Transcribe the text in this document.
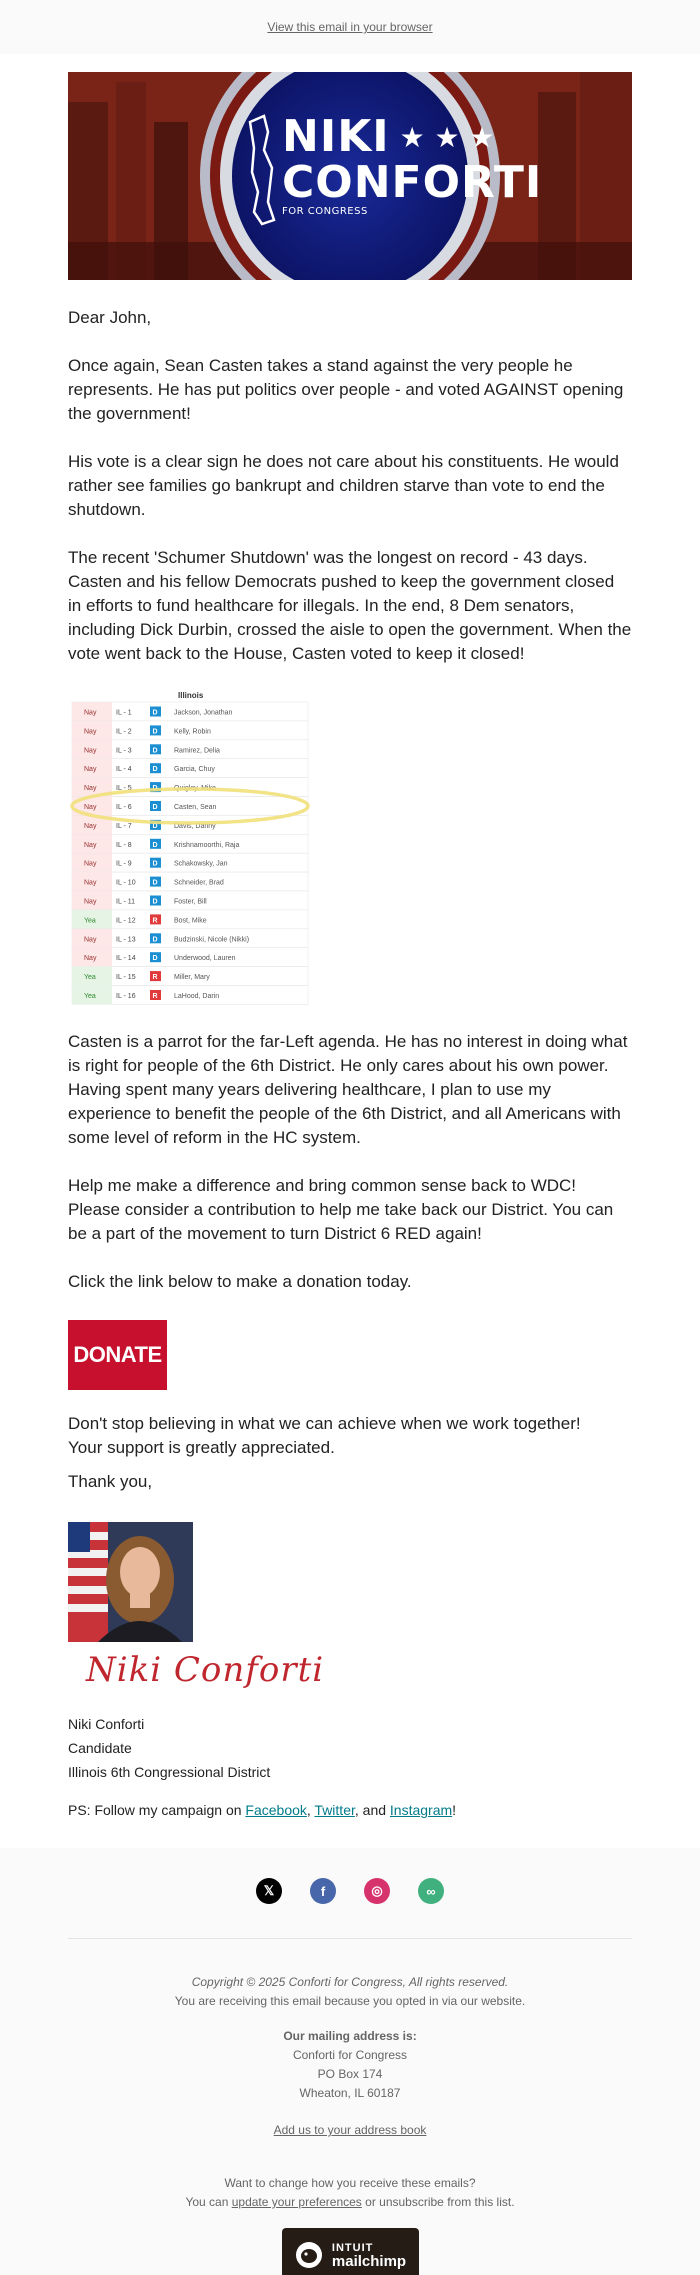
View this email in your browser
NIKI ★ ★ ★
CONFORTI
FOR CONGRESS

Dear John,

Once again, Sean Casten takes a stand against the very people he represents. He has put politics over people - and voted AGAINST opening the government!

His vote is a clear sign he does not care about his constituents. He would rather see families go bankrupt and children starve than vote to end the shutdown.

The recent 'Schumer Shutdown' was the longest on record - 43 days. Casten and his fellow Democrats pushed to keep the government closed in efforts to fund healthcare for illegals. In the end, 8 Dem senators, including Dick Durbin, crossed the aisle to open the government. When the vote went back to the House, Casten voted to keep it closed!

Illinois
Nay	IL - 1	D Jackson, Jonathan
Nay	IL - 2	D Kelly, Robin
Nay	IL - 3	D Ramirez, Delia
Nay	IL - 4	D Garcia, Chuy
Nay	IL - 5	D Quigley, Mike
Nay	IL - 6	D Casten, Sean
Nay	IL - 7	D Davis, Danny
Nay	IL - 8	D Krishnamoorthi, Raja
Nay	IL - 9	D Schakowsky, Jan
Nay	IL - 10 D Schneider, Brad
Nay	IL - 11 D Foster, Bill
Yea	IL - 12 R Bost, Mike
Nay	IL - 13 D Budzinski, Nicole (Nikki)
Nay	IL - 14 D Underwood, Lauren
Yea	IL - 15 R Miller, Mary
Yea	IL - 16 R LaHood, Darin

Casten is a parrot for the far-Left agenda. He has no interest in doing what is right for people of the 6th District. He only cares about his own power. Having spent many years delivering healthcare, I plan to use my experience to benefit the people of the 6th District, and all Americans with some level of reform in the HC system.

Help me make a difference and bring common sense back to WDC! Please consider a contribution to help me take back our District. You can be a part of the movement to turn District 6 RED again!

Click the link below to make a donation today.

DONATE

Don't stop believing in what we can achieve when we work together!

Your support is greatly appreciated.

Thank you,

Niki Conforti

Niki Conforti

Candidate

Illinois 6th Congressional District

PS: Follow my campaign on Facebook, Twitter, and Instagram!

𝕏	f	◎	∞

Copyright © 2025 Conforti for Congress, All rights reserved.

You are receiving this email because you opted in via our website.

Our mailing address is:

Conforti for Congress

PO Box 174

Wheaton, IL 60187

Add us to your address book

Want to change how you receive these emails?

You can update your preferences or unsubscribe from this list.

INTUIT
mailchimp
